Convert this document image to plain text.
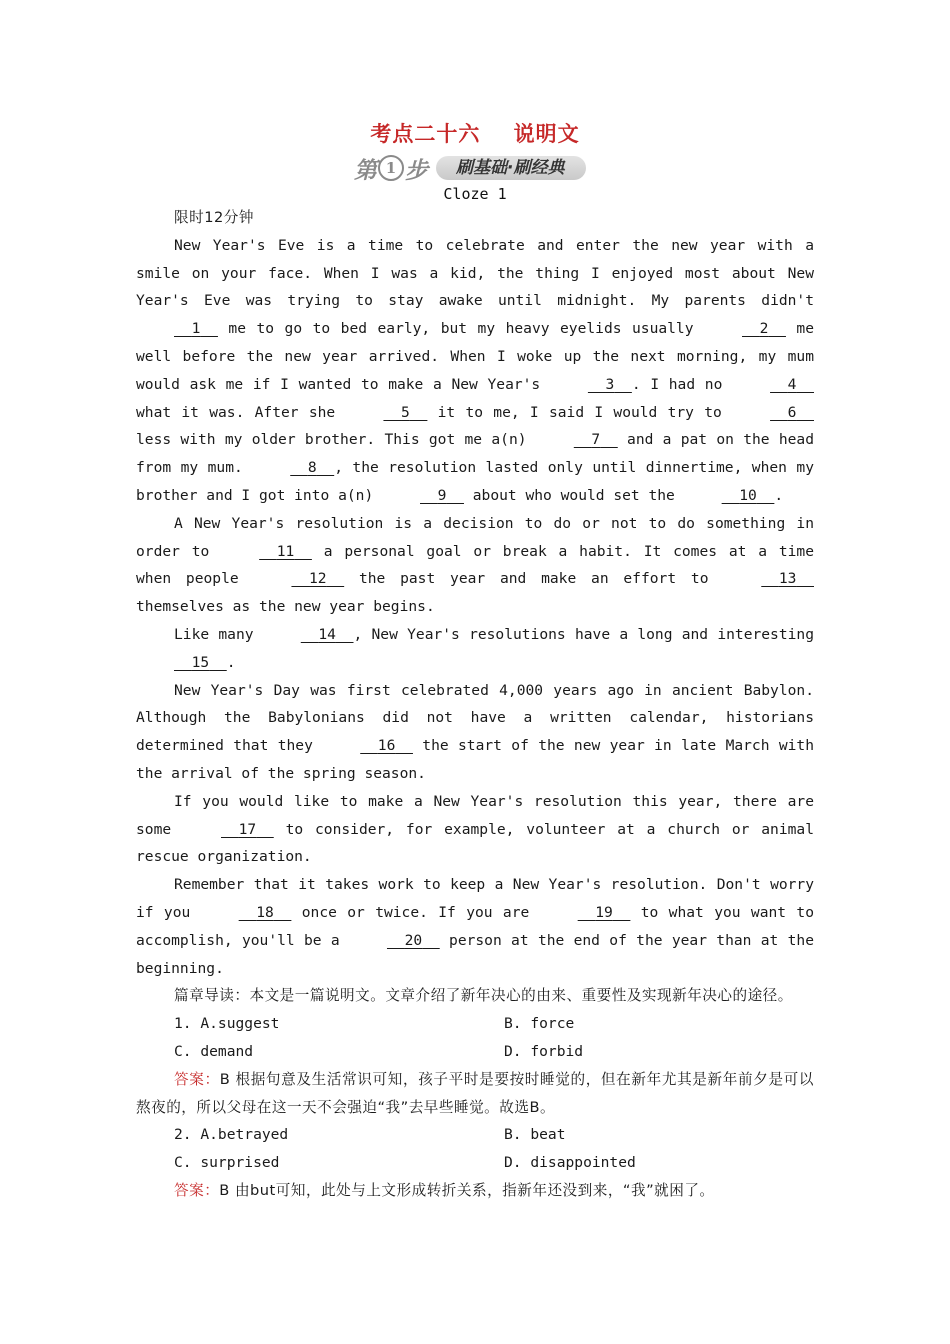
考点二十六    说明文
第 1 步	刷基础·刷经典
Cloze 1

限时12分钟

New Year's Eve is a time to celebrate and enter the new year with a smile on your face. When I was a kid, the thing I enjoyed most about New Year's Eve was trying to stay awake until midnight. My parents didn't   1   me to go to bed early, but my heavy eyelids usually	2   me well before the new year arrived. When I woke up the next morning, my mum would ask me if I wanted to make a New Year's	3 . I had no	4   what it was. After she	5   it to me, I said I would try to	6   less with my older brother. This got me a(n)	7   and a pat on the head from my mum.	8 , the resolution lasted only until dinnertime, when my brother and I got into a(n)	9   about who would set the	10 .

A New Year's resolution is a decision to do or not to do something in order to	11   a personal goal or break a habit. It comes at a time when people	12   the past year and make an effort to	13   themselves as the new year begins.

Like many	14 , New Year's resolutions have a long and interesting   15 .

New Year's Day was first celebrated 4,000 years ago in ancient Babylon. Although the Babylonians did not have a written calendar, historians determined that they	16   the start of the new year in late March with the arrival of the spring season.

If you would like to make a New Year's resolution this year, there are some	17   to consider, for example, volunteer at a church or animal rescue organization.

Remember that it takes work to keep a New Year's resolution. Don't worry if you	18   once or twice. If you are	19   to what you want to accomplish, you'll be a	20   person at the end of the year than at the beginning.

篇章导读：本文是一篇说明文。文章介绍了新年决心的由来、重要性及实现新年决心的途径。

1. A.suggest	B. force
C. demand	D. forbid

答案：B 根据句意及生活常识可知，孩子平时是要按时睡觉的，但在新年尤其是新年前夕是可以熬夜的，所以父母在这一天不会强迫“我”去早些睡觉。故选B。

2. A.betrayed	B. beat
C. surprised	D. disappointed

答案：B 由but可知，此处与上文形成转折关系，指新年还没到来，“我”就困了。
